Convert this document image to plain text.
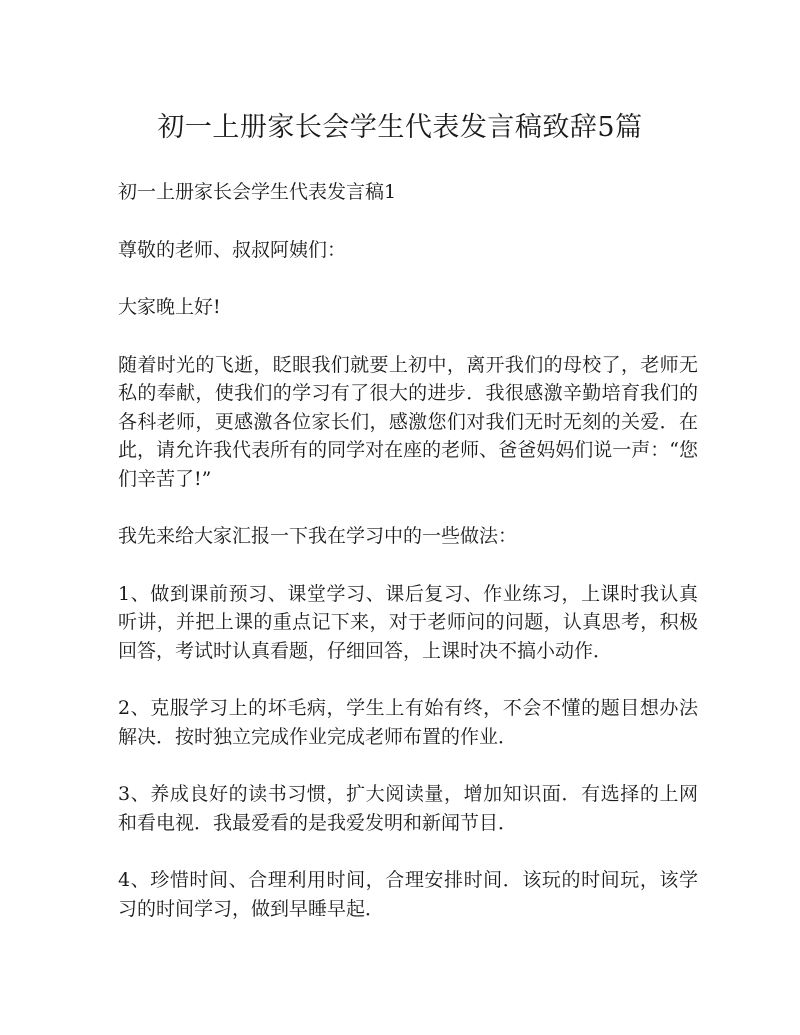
初一上册家长会学生代表发言稿致辞5篇

初一上册家长会学生代表发言稿1

尊敬的老师、叔叔阿姨们：

大家晚上好!

随着时光的飞逝，眨眼我们就要上初中，离开我们的母校了，老师无私的奉献，使我们的学习有了很大的进步．我很感激辛勤培育我们的各科老师，更感激各位家长们，感激您们对我们无时无刻的关爱．在此，请允许我代表所有的同学对在座的老师、爸爸妈妈们说一声：“您们辛苦了!”

我先来给大家汇报一下我在学习中的一些做法：

1、做到课前预习、课堂学习、课后复习、作业练习，上课时我认真听讲，并把上课的重点记下来，对于老师问的问题，认真思考，积极回答，考试时认真看题，仔细回答，上课时决不搞小动作．

2、克服学习上的坏毛病，学生上有始有终，不会不懂的题目想办法解决．按时独立完成作业完成老师布置的作业．

3、养成良好的读书习惯，扩大阅读量，增加知识面．有选择的上网和看电视．我最爱看的是我爱发明和新闻节目．

4、珍惜时间、合理利用时间，合理安排时间．该玩的时间玩，该学习的时间学习，做到早睡早起．
